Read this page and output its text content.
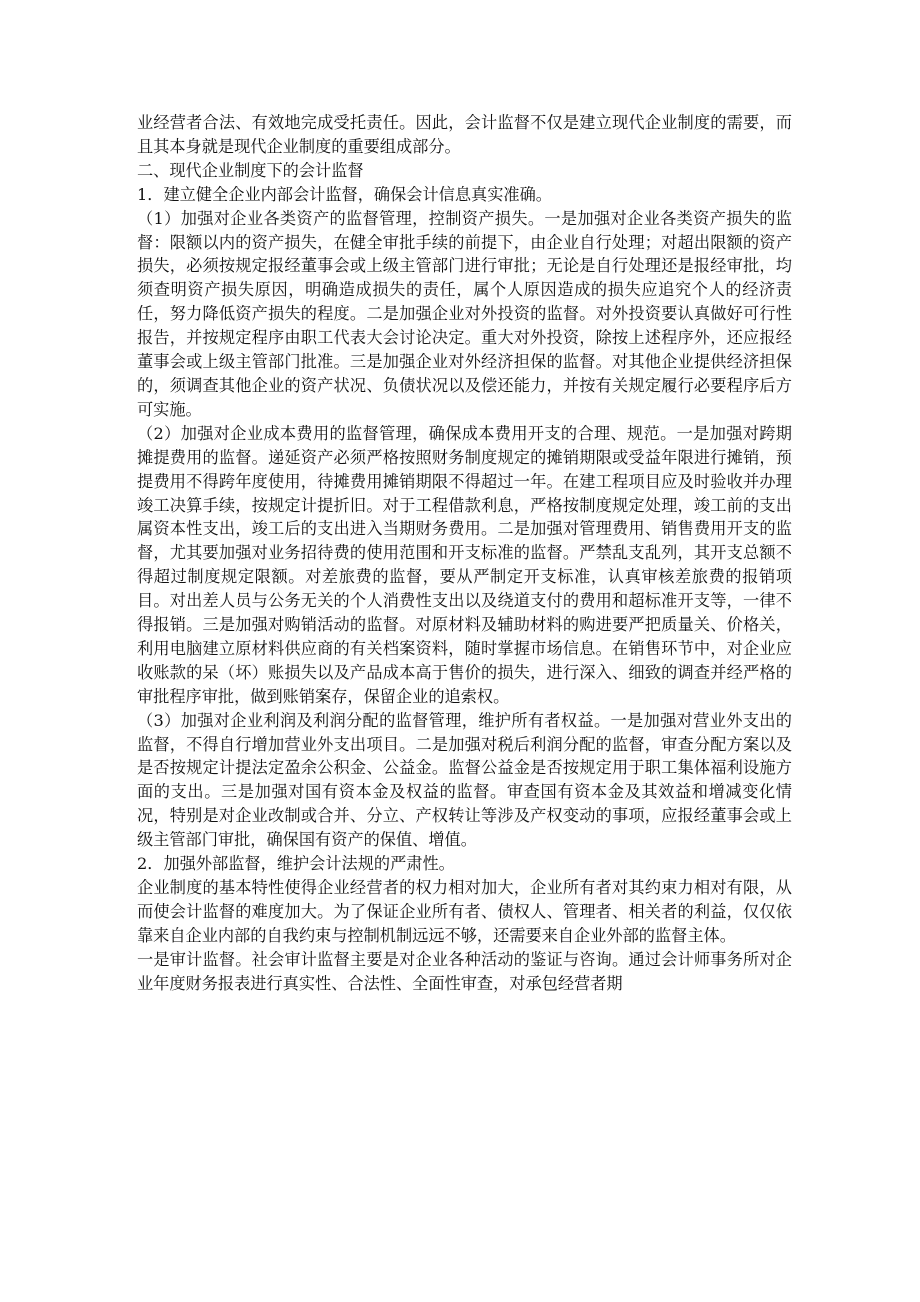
业经营者合法、有效地完成受托责任。因此，会计监督不仅是建立现代企业制度的需要，而且其本身就是现代企业制度的重要组成部分。

二、现代企业制度下的会计监督

1．建立健全企业内部会计监督，确保会计信息真实准确。

（1）加强对企业各类资产的监督管理，控制资产损失。一是加强对企业各类资产损失的监督：限额以内的资产损失，在健全审批手续的前提下，由企业自行处理；对超出限额的资产损失，必须按规定报经董事会或上级主管部门进行审批；无论是自行处理还是报经审批，均须查明资产损失原因，明确造成损失的责任，属个人原因造成的损失应追究个人的经济责任，努力降低资产损失的程度。二是加强企业对外投资的监督。对外投资要认真做好可行性报告，并按规定程序由职工代表大会讨论决定。重大对外投资，除按上述程序外，还应报经董事会或上级主管部门批准。三是加强企业对外经济担保的监督。对其他企业提供经济担保的，须调查其他企业的资产状况、负债状况以及偿还能力，并按有关规定履行必要程序后方可实施。

（2）加强对企业成本费用的监督管理，确保成本费用开支的合理、规范。一是加强对跨期摊提费用的监督。递延资产必须严格按照财务制度规定的摊销期限或受益年限进行摊销，预提费用不得跨年度使用，待摊费用摊销期限不得超过一年。在建工程项目应及时验收并办理竣工决算手续，按规定计提折旧。对于工程借款利息，严格按制度规定处理，竣工前的支出属资本性支出，竣工后的支出进入当期财务费用。二是加强对管理费用、销售费用开支的监督，尤其要加强对业务招待费的使用范围和开支标准的监督。严禁乱支乱列，其开支总额不得超过制度规定限额。对差旅费的监督，要从严制定开支标准，认真审核差旅费的报销项目。对出差人员与公务无关的个人消费性支出以及绕道支付的费用和超标准开支等，一律不得报销。三是加强对购销活动的监督。对原材料及辅助材料的购进要严把质量关、价格关，利用电脑建立原材料供应商的有关档案资料，随时掌握市场信息。在销售环节中，对企业应收账款的呆（坏）账损失以及产品成本高于售价的损失，进行深入、细致的调查并经严格的审批程序审批，做到账销案存，保留企业的追索权。

（3）加强对企业利润及利润分配的监督管理，维护所有者权益。一是加强对营业外支出的监督，不得自行增加营业外支出项目。二是加强对税后利润分配的监督，审查分配方案以及是否按规定计提法定盈余公积金、公益金。监督公益金是否按规定用于职工集体福利设施方面的支出。三是加强对国有资本金及权益的监督。审查国有资本金及其效益和增减变化情况，特别是对企业改制或合并、分立、产权转让等涉及产权变动的事项，应报经董事会或上级主管部门审批，确保国有资产的保值、增值。

2．加强外部监督，维护会计法规的严肃性。

企业制度的基本特性使得企业经营者的权力相对加大，企业所有者对其约束力相对有限，从而使会计监督的难度加大。为了保证企业所有者、债权人、管理者、相关者的利益，仅仅依靠来自企业内部的自我约束与控制机制远远不够，还需要来自企业外部的监督主体。

一是审计监督。社会审计监督主要是对企业各种活动的鉴证与咨询。通过会计师事务所对企业年度财务报表进行真实性、合法性、全面性审查，对承包经营者期
